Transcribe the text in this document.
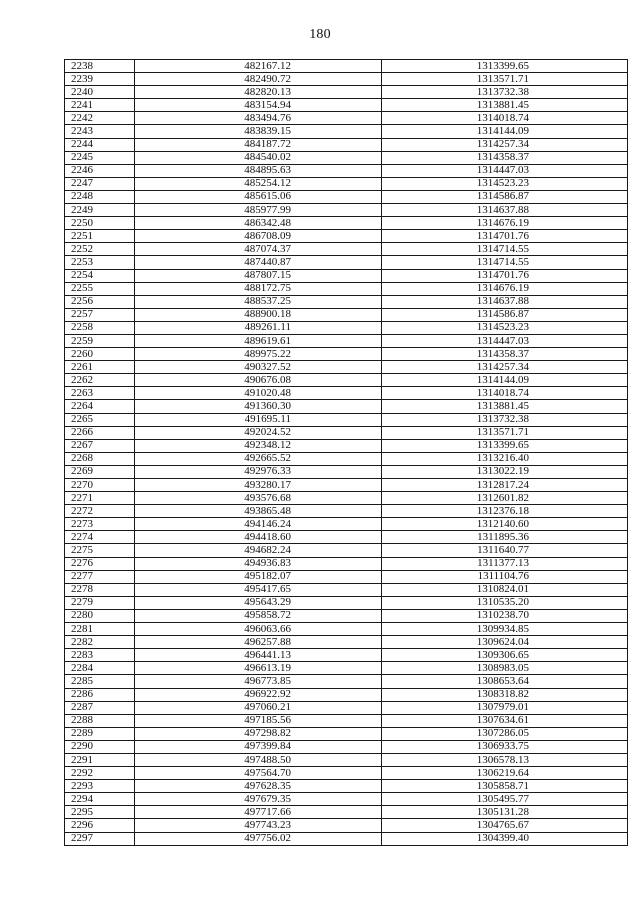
180
2238	482167.12	1313399.65
2239	482490.72	1313571.71
2240	482820.13	1313732.38
2241	483154.94	1313881.45
2242	483494.76	1314018.74
2243	483839.15	1314144.09
2244	484187.72	1314257.34
2245	484540.02	1314358.37
2246	484895.63	1314447.03
2247	485254.12	1314523.23
2248	485615.06	1314586.87
2249	485977.99	1314637.88
2250	486342.48	1314676.19
2251	486708.09	1314701.76
2252	487074.37	1314714.55
2253	487440.87	1314714.55
2254	487807.15	1314701.76
2255	488172.75	1314676.19
2256	488537.25	1314637.88
2257	488900.18	1314586.87
2258	489261.11	1314523.23
2259	489619.61	1314447.03
2260	489975.22	1314358.37
2261	490327.52	1314257.34
2262	490676.08	1314144.09
2263	491020.48	1314018.74
2264	491360.30	1313881.45
2265	491695.11	1313732.38
2266	492024.52	1313571.71
2267	492348.12	1313399.65
2268	492665.52	1313216.40
2269	492976.33	1313022.19
2270	493280.17	1312817.24
2271	493576.68	1312601.82
2272	493865.48	1312376.18
2273	494146.24	1312140.60
2274	494418.60	1311895.36
2275	494682.24	1311640.77
2276	494936.83	1311377.13
2277	495182.07	1311104.76
2278	495417.65	1310824.01
2279	495643.29	1310535.20
2280	495858.72	1310238.70
2281	496063.66	1309934.85
2282	496257.88	1309624.04
2283	496441.13	1309306.65
2284	496613.19	1308983.05
2285	496773.85	1308653.64
2286	496922.92	1308318.82
2287	497060.21	1307979.01
2288	497185.56	1307634.61
2289	497298.82	1307286.05
2290	497399.84	1306933.75
2291	497488.50	1306578.13
2292	497564.70	1306219.64
2293	497628.35	1305858.71
2294	497679.35	1305495.77
2295	497717.66	1305131.28
2296	497743.23	1304765.67
2297	497756.02	1304399.40
